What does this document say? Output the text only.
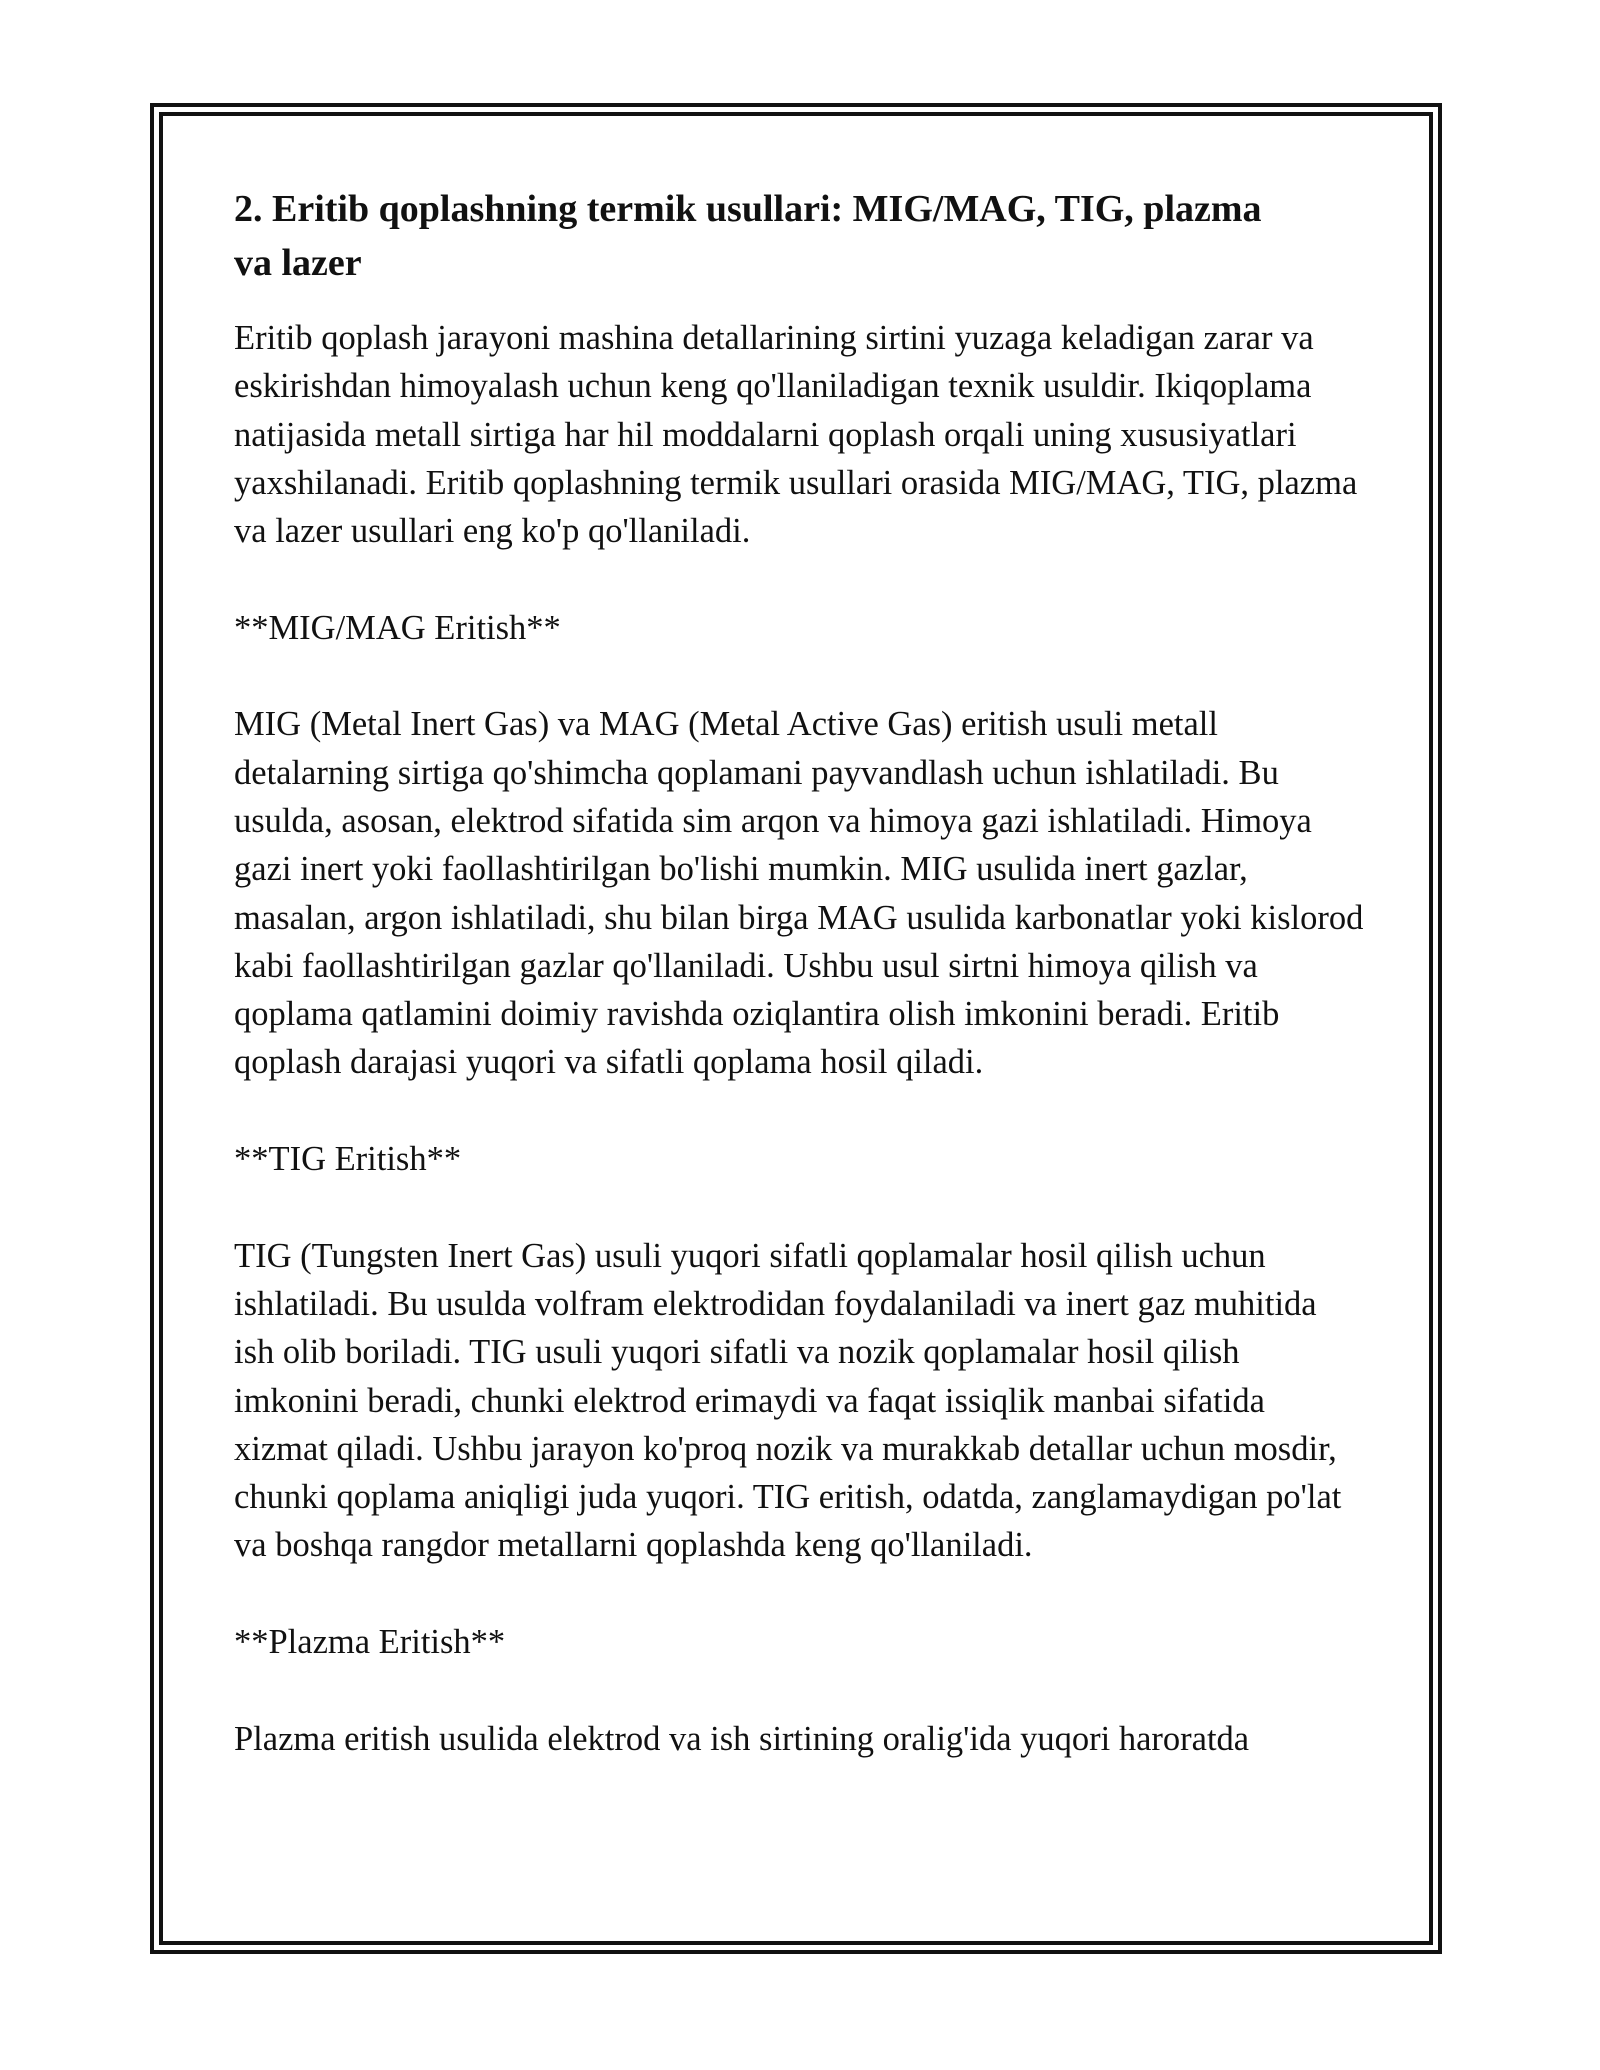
2. Eritib qoplashning termik usullari: MIG/MAG, TIG, plazma va lazer

Eritib qoplash jarayoni mashina detallarining sirtini yuzaga keladigan zarar va eskirishdan himoyalash uchun keng qo'llaniladigan texnik usuldir. Ikiqoplama natijasida metall sirtiga har hil moddalarni qoplash orqali uning xususiyatlari yaxshilanadi. Eritib qoplashning termik usullari orasida MIG/MAG, TIG, plazma va lazer usullari eng ko'p qo'llaniladi.

**MIG/MAG Eritish**

MIG (Metal Inert Gas) va MAG (Metal Active Gas) eritish usuli metall detalarning sirtiga qo'shimcha qoplamani payvandlash uchun ishlatiladi. Bu usulda, asosan, elektrod sifatida sim arqon va himoya gazi ishlatiladi. Himoya gazi inert yoki faollashtirilgan bo'lishi mumkin. MIG usulida inert gazlar, masalan, argon ishlatiladi, shu bilan birga MAG usulida karbonatlar yoki kislorod kabi faollashtirilgan gazlar qo'llaniladi. Ushbu usul sirtni himoya qilish va qoplama qatlamini doimiy ravishda oziqlantira olish imkonini beradi. Eritib qoplash darajasi yuqori va sifatli qoplama hosil qiladi.

**TIG Eritish**

TIG (Tungsten Inert Gas) usuli yuqori sifatli qoplamalar hosil qilish uchun ishlatiladi. Bu usulda volfram elektrodidan foydalaniladi va inert gaz muhitida ish olib boriladi. TIG usuli yuqori sifatli va nozik qoplamalar hosil qilish imkonini beradi, chunki elektrod erimaydi va faqat issiqlik manbai sifatida xizmat qiladi. Ushbu jarayon ko'proq nozik va murakkab detallar uchun mosdir, chunki qoplama aniqligi juda yuqori. TIG eritish, odatda, zanglamaydigan po'lat va boshqa rangdor metallarni qoplashda keng qo'llaniladi.

**Plazma Eritish**

Plazma eritish usulida elektrod va ish sirtining oralig'ida yuqori haroratda
